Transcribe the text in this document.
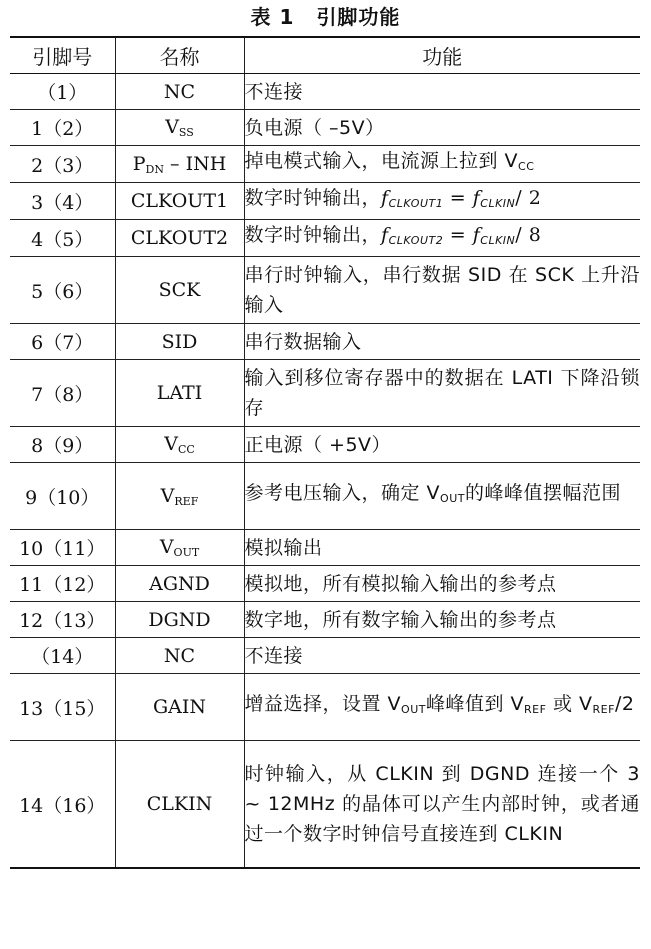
表 1 引脚功能
引脚号	名称	功能
（1）	NC	不连接
1（2）	$V_{SS}$	负电源（ –5V）
2（3）	$P_{DN}$ – INH	掉电模式输入，电流源上拉到 $V_{CC}$
3（4）	CLKOUT1	数字时钟输出，$f_{CLKOUT1}$ = $f_{CLKIN}∕$ 2
4（5）	CLKOUT2	数字时钟输出，$f_{CLKOUT2}$ = $f_{CLKIN}∕$ 8
5（6）	SCK	串行时钟输入，串行数据 SID 在 SCK 上升沿输入
6（7）	SID	串行数据输入
7（8）	LATI	输入到移位寄存器中的数据在 LATI 下降沿锁存
8（9）	$V_{CC}$	正电源（ +5V）
9（10）	$V_{REF}$	参考电压输入，确定 $V_{OUT}$的峰峰值摆幅范围
10（11）	$V_{OUT}$	模拟输出
11（12）	AGND	模拟地，所有模拟输入输出的参考点
12（13）	DGND	数字地，所有数字输入输出的参考点
（14）	NC	不连接
13（15）	GAIN	增益选择，设置 $V_{OUT}$峰峰值到 $V_{REF}$ 或 $V_{REF}∕2$
14（16）	CLKIN	时钟输入，从 CLKIN 到 DGND 连接一个 3 ~ 12MHz 的晶体可以产生内部时钟，或者通过一个数字时钟信号直接连到 CLKIN
